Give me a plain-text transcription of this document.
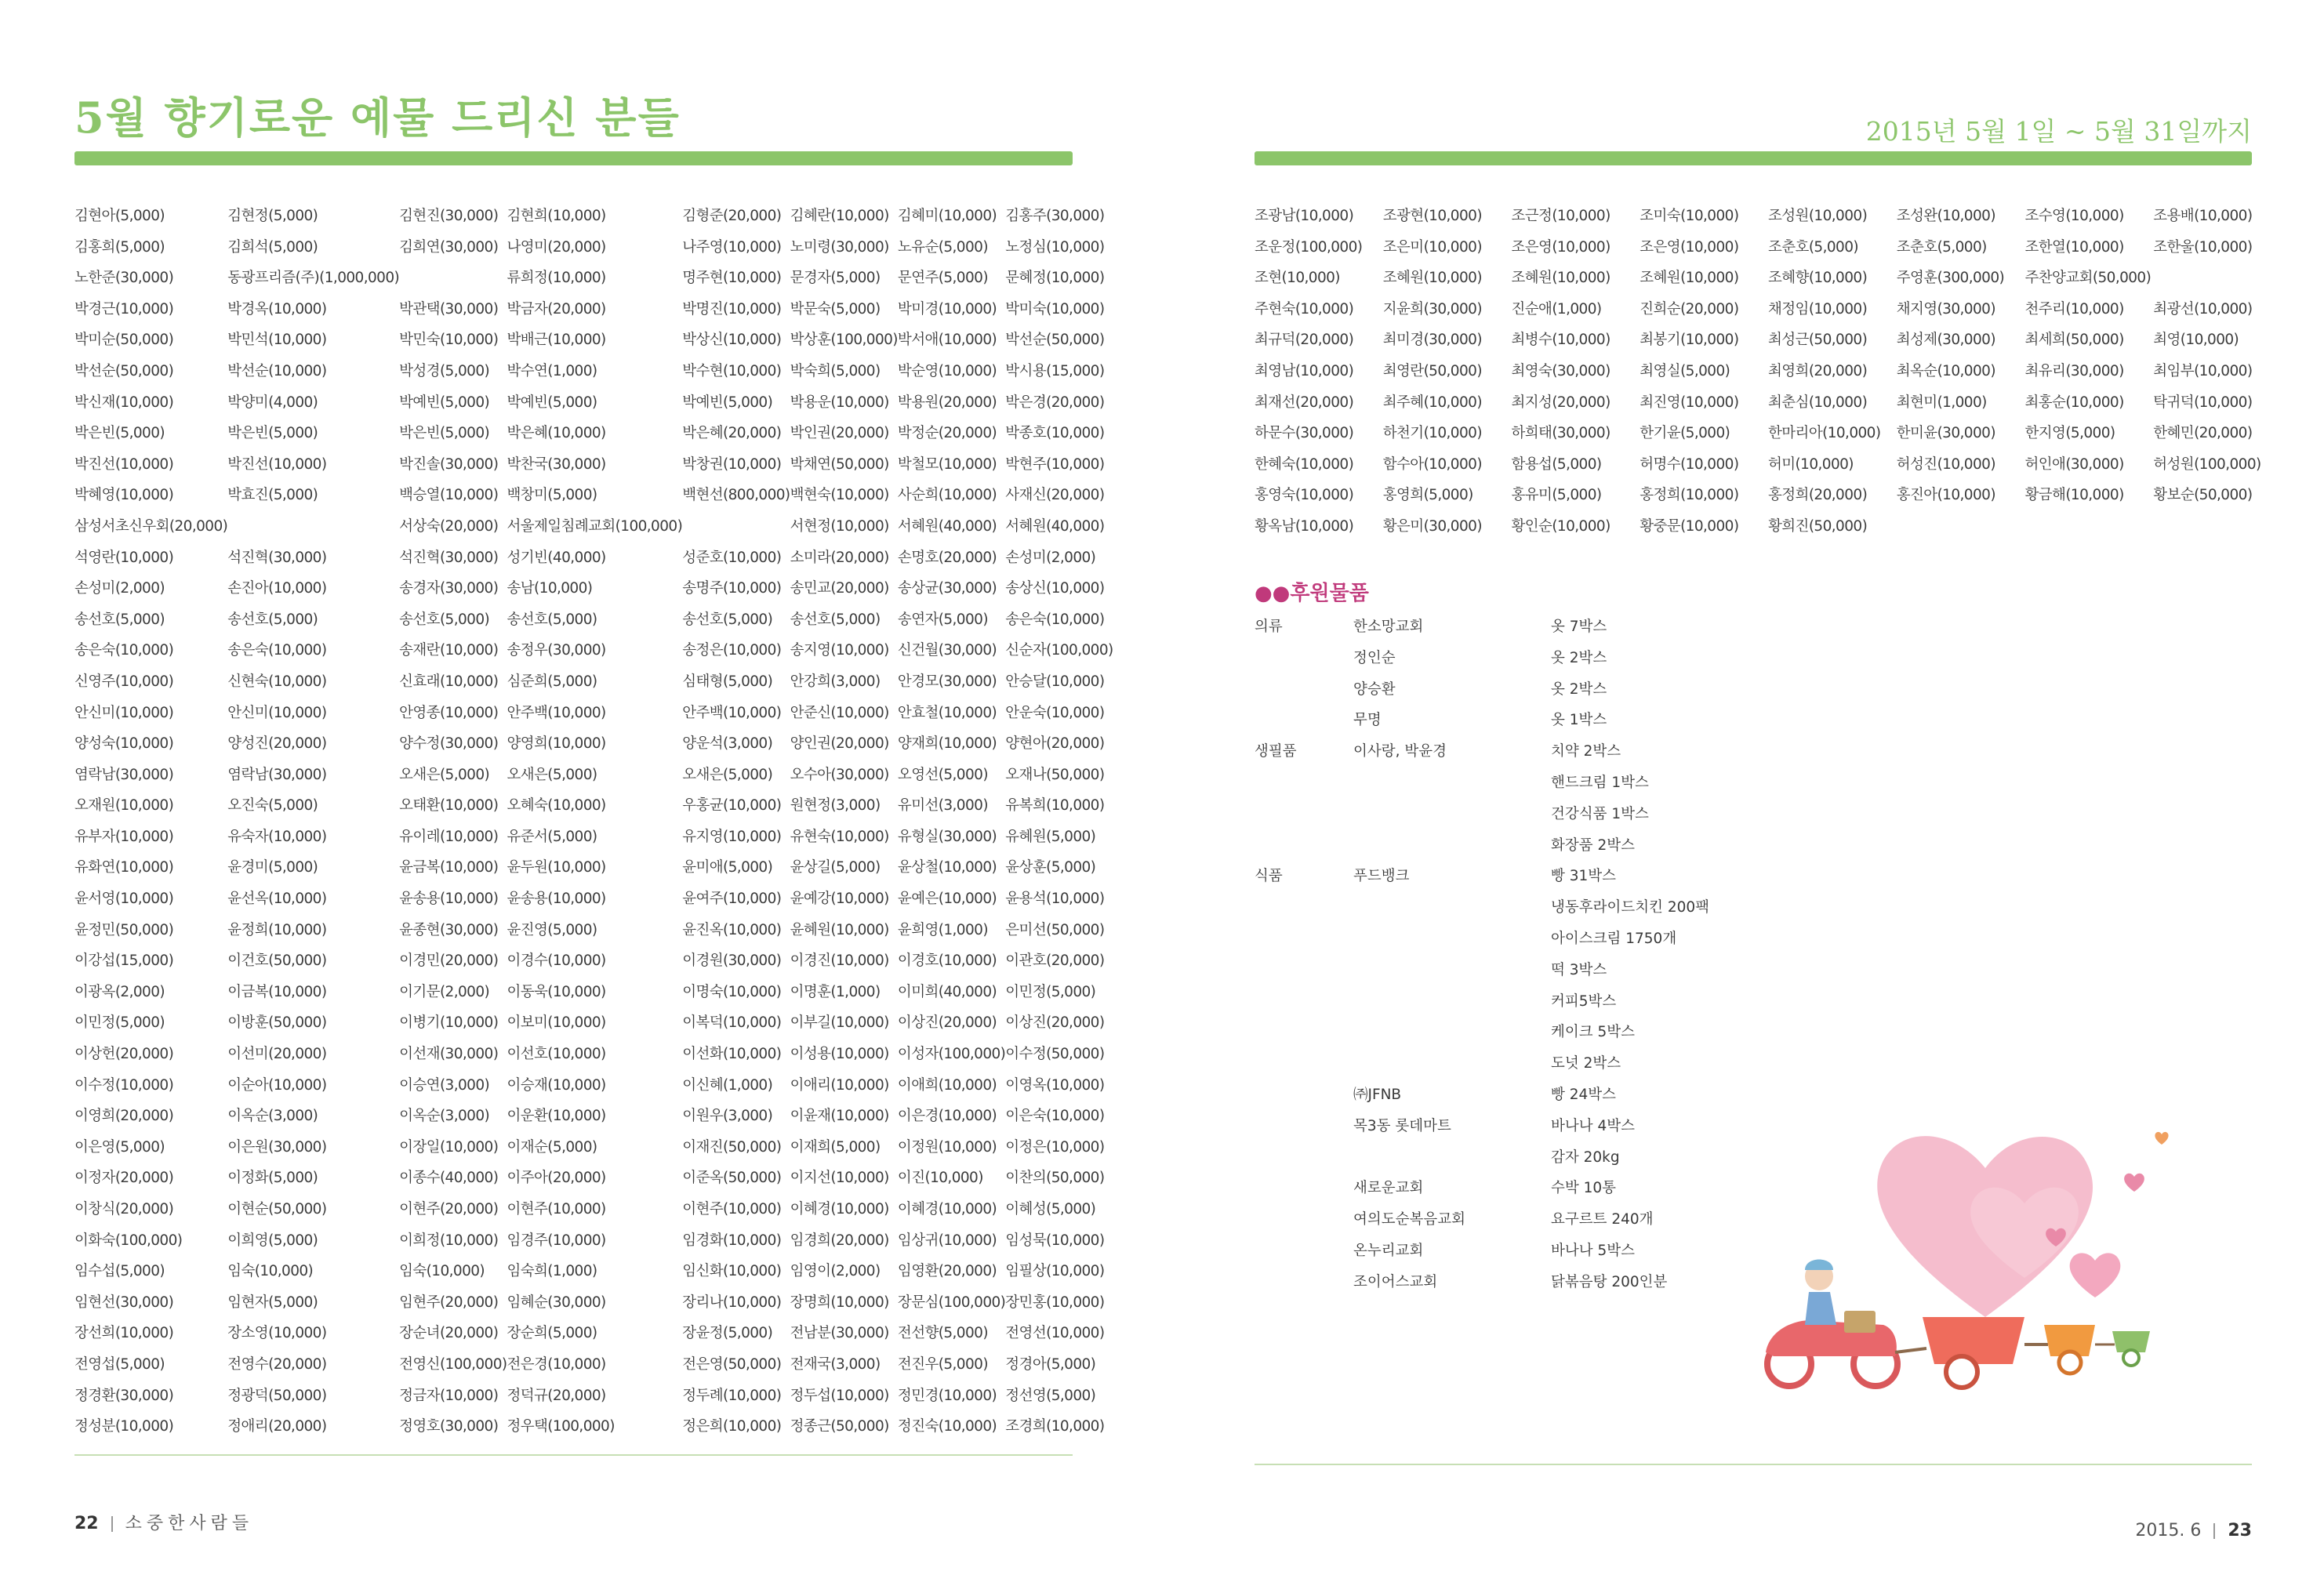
5월 향기로운 예물 드리신 분들
김현아(5,000)	김현정(5,000)	김현진(30,000) 김현희(10,000)	김형준(20,000) 김혜란(10,000) 김혜미(10,000) 김홍주(30,000)
김홍희(5,000)	김희석(5,000)	김희연(30,000) 나영미(20,000)	나주영(10,000) 노미령(30,000) 노유순(5,000)	노정심(10,000)
노한준(30,000)	동광프리즘(주)(1,000,000)	류희정(10,000)	명주현(10,000) 문경자(5,000)	문연주(5,000)	문혜정(10,000)
박경근(10,000)	박경옥(10,000)	박관택(30,000) 박금자(20,000)	박명진(10,000) 박문숙(5,000)	박미경(10,000) 박미숙(10,000)
박미순(50,000)	박민석(10,000)	박민숙(10,000) 박배근(10,000)	박상신(10,000) 박상훈(100,000) 박서애(10,000) 박선순(50,000)
박선순(50,000)	박선순(10,000)	박성경(5,000)	박수연(1,000)	박수현(10,000) 박숙희(5,000)	박순영(10,000) 박시용(15,000)
박신재(10,000)	박양미(4,000)	박예빈(5,000)	박예빈(5,000)	박예빈(5,000)	박용운(10,000) 박용원(20,000) 박은경(20,000)
박은빈(5,000)	박은빈(5,000)	박은빈(5,000)	박은혜(10,000)	박은혜(20,000) 박인권(20,000) 박정순(20,000) 박종호(10,000)
박진선(10,000)	박진선(10,000)	박진솔(30,000) 박찬국(30,000)	박창권(10,000) 박채연(50,000) 박철모(10,000) 박현주(10,000)
박혜영(10,000)	박효진(5,000)	백승열(10,000) 백창미(5,000)	백현선(800,000) 백현숙(10,000) 사순희(10,000) 사재신(20,000)
삼성서초신우회(20,000)	서상숙(20,000) 서울제일침례교회(100,000)	서현정(10,000) 서혜원(40,000) 서혜원(40,000)
석영란(10,000)	석진혁(30,000)	석진혁(30,000) 성기빈(40,000)	성준호(10,000) 소미라(20,000) 손명호(20,000) 손성미(2,000)
손성미(2,000)	손진아(10,000)	송경자(30,000) 송남(10,000)	송명주(10,000) 송민교(20,000) 송상균(30,000) 송상신(10,000)
송선호(5,000)	송선호(5,000)	송선호(5,000)	송선호(5,000)	송선호(5,000)	송선호(5,000)	송연자(5,000)	송은숙(10,000)
송은숙(10,000)	송은숙(10,000)	송재란(10,000) 송정우(30,000)	송정은(10,000) 송지영(10,000) 신건월(30,000) 신순자(100,000)
신영주(10,000)	신현숙(10,000)	신효래(10,000) 심준희(5,000)	심태형(5,000)	안강희(3,000)	안경모(30,000) 안승달(10,000)
안신미(10,000)	안신미(10,000)	안영종(10,000) 안주백(10,000)	안주백(10,000) 안준신(10,000) 안효철(10,000) 안운숙(10,000)
양성숙(10,000)	양성진(20,000)	양수정(30,000) 양영희(10,000)	양운석(3,000)	양인권(20,000) 양재희(10,000) 양현아(20,000)
염락남(30,000)	염락남(30,000)	오새은(5,000)	오새은(5,000)	오새은(5,000)	오수아(30,000) 오영선(5,000)	오재나(50,000)
오재원(10,000)	오진숙(5,000)	오태환(10,000) 오혜숙(10,000)	우홍균(10,000) 원현정(3,000)	유미선(3,000)	유복희(10,000)
유부자(10,000)	유숙자(10,000)	유이레(10,000) 유준서(5,000)	유지영(10,000) 유현숙(10,000) 유형실(30,000) 유혜원(5,000)
유화연(10,000)	윤경미(5,000)	윤금복(10,000) 윤두원(10,000)	윤미애(5,000)	윤상길(5,000)	윤상철(10,000) 윤상훈(5,000)
윤서영(10,000)	윤선옥(10,000)	윤송용(10,000) 윤송용(10,000)	윤여주(10,000) 윤예강(10,000) 윤예은(10,000) 윤용석(10,000)
윤정민(50,000)	윤정희(10,000)	윤종현(30,000) 윤진영(5,000)	윤진옥(10,000) 윤혜원(10,000) 윤희영(1,000)	은미선(50,000)
이강섭(15,000)	이건호(50,000)	이경민(20,000) 이경수(10,000)	이경원(30,000) 이경진(10,000) 이경호(10,000) 이관호(20,000)
이광옥(2,000)	이금복(10,000)	이기문(2,000)	이동욱(10,000)	이명숙(10,000) 이명훈(1,000)	이미희(40,000) 이민정(5,000)
이민정(5,000)	이방훈(50,000)	이병기(10,000) 이보미(10,000)	이복덕(10,000) 이부길(10,000) 이상진(20,000) 이상진(20,000)
이상헌(20,000)	이선미(20,000)	이선재(30,000) 이선호(10,000)	이선화(10,000) 이성용(10,000) 이성자(100,000) 이수정(50,000)
이수정(10,000)	이순아(10,000)	이승연(3,000)	이승재(10,000)	이신혜(1,000)	이애리(10,000) 이애희(10,000) 이영옥(10,000)
이영희(20,000)	이옥순(3,000)	이옥순(3,000)	이운환(10,000)	이원우(3,000)	이윤재(10,000) 이은경(10,000) 이은숙(10,000)
이은영(5,000)	이은원(30,000)	이장일(10,000) 이재순(5,000)	이재진(50,000) 이재희(5,000)	이정원(10,000) 이정은(10,000)
이정자(20,000)	이정화(5,000)	이종수(40,000) 이주아(20,000)	이준옥(50,000) 이지선(10,000) 이진(10,000)	이찬의(50,000)
이창식(20,000)	이현순(50,000)	이현주(20,000) 이현주(10,000)	이현주(10,000) 이혜경(10,000) 이혜경(10,000) 이혜성(5,000)
이화숙(100,000)	이희영(5,000)	이희정(10,000) 임경주(10,000)	임경화(10,000) 임경희(20,000) 임상귀(10,000) 임성묵(10,000)
임수섭(5,000)	임숙(10,000)	임숙(10,000)	임숙희(1,000)	임신화(10,000) 임영이(2,000)	임영환(20,000) 임필상(10,000)
임현선(30,000)	임현자(5,000)	임현주(20,000) 임혜순(30,000)	장리나(10,000) 장명희(10,000) 장문심(100,000) 장민홍(10,000)
장선희(10,000)	장소영(10,000)	장순녀(20,000) 장순희(5,000)	장윤정(5,000)	전남분(30,000) 전선향(5,000)	전영선(10,000)
전영섭(5,000)	전영수(20,000)	전영신(100,000) 전은경(10,000)	전은영(50,000) 전재국(3,000)	전진우(5,000)	정경아(5,000)
정경환(30,000)	정광덕(50,000)	정금자(10,000) 정덕규(20,000)	정두례(10,000) 정두섭(10,000) 정민경(10,000) 정선영(5,000)
정성분(10,000)	정애리(20,000)	정영호(30,000) 정우택(100,000)	정은희(10,000) 정종근(50,000) 정진숙(10,000) 조경희(10,000)
22 소중한사람들

2015년 5월 1일 ~ 5월 31일까지

조광남(10,000)	조광현(10,000)	조근정(10,000)	조미숙(10,000)	조성원(10,000)	조성완(10,000)	조수영(10,000)	조용배(10,000)
조운정(100,000)	조은미(10,000)	조은영(10,000)	조은영(10,000)	조춘호(5,000)	조춘호(5,000)	조한열(10,000)	조한울(10,000)
조현(10,000)	조혜원(10,000)	조혜원(10,000)	조혜원(10,000)	조혜향(10,000)	주영훈(300,000)	주찬양교회(50,000)
주현숙(10,000)	지윤희(30,000)	진순애(1,000)	진희순(20,000)	채정임(10,000)	채지영(30,000)	천주리(10,000)	최광선(10,000)
최규덕(20,000)	최미경(30,000)	최병수(10,000)	최봉기(10,000)	최성근(50,000)	최성제(30,000)	최세희(50,000)	최영(10,000)
최영남(10,000)	최영란(50,000)	최영숙(30,000)	최영실(5,000)	최영희(20,000)	최옥순(10,000)	최유리(30,000)	최임부(10,000)
최재선(20,000)	최주혜(10,000)	최지성(20,000)	최진영(10,000)	최춘심(10,000)	최현미(1,000)	최홍순(10,000)	탁귀덕(10,000)
하문수(30,000)	하천기(10,000)	하희태(30,000)	한기윤(5,000)	한마리아(10,000)	한미윤(30,000)	한지영(5,000)	한혜민(20,000)
한혜숙(10,000)	함수아(10,000)	함용섭(5,000)	허명수(10,000)	허미(10,000)	허성진(10,000)	허인애(30,000)	허성원(100,000)
홍영숙(10,000)	홍영희(5,000)	홍유미(5,000)	홍정희(10,000)	홍정희(20,000)	홍진아(10,000)	황금해(10,000)	황보순(50,000)
황옥남(10,000)	황은미(30,000)	황인순(10,000)	황중문(10,000)	황희진(50,000)
●●후원물품
의류	한소망교회	옷 7박스
정인순	옷 2박스
양승환	옷 2박스
무명	옷 1박스
생필품	이사랑, 박윤경	치약 2박스
핸드크림 1박스
건강식품 1박스
화장품 2박스
식품	푸드뱅크	빵 31박스
냉동후라이드치킨 200팩
아이스크림 1750개
떡 3박스
커피5박스
케이크 5박스
도넛 2박스
㈜JFNB	빵 24박스
목3동 롯데마트	바나나 4박스
감자 20kg
새로운교회	수박 10통
여의도순복음교회	요구르트 240개
온누리교회	바나나 5박스
조이어스교회	닭볶음탕 200인분
2015. 6 23
